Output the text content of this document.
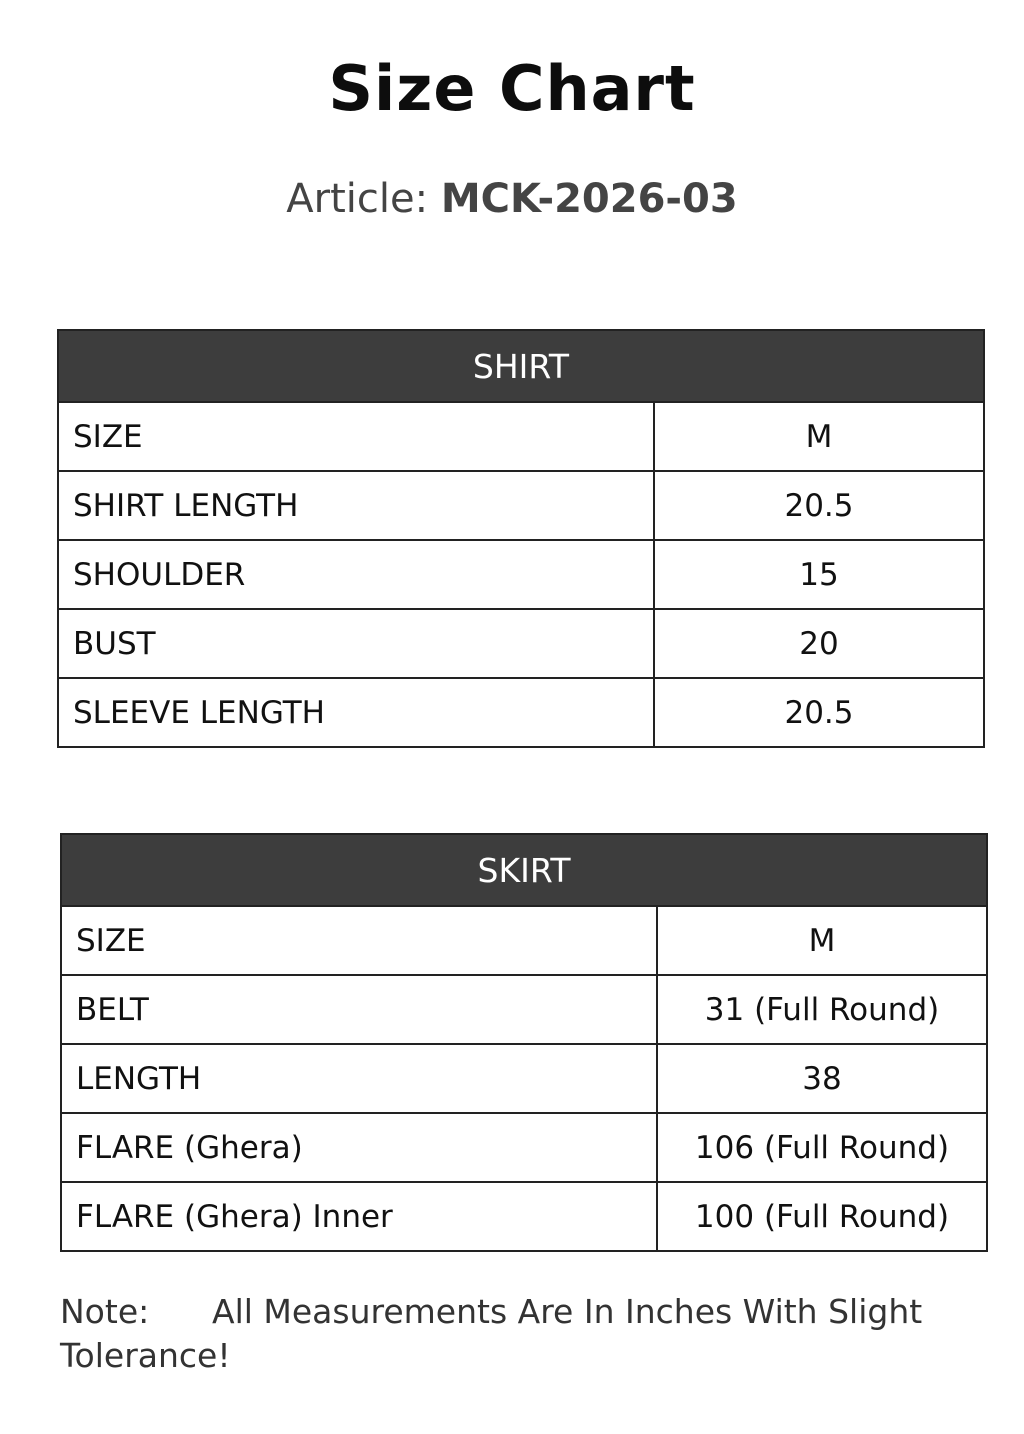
Size Chart
Article: MCK-2026-03
SHIRT	
SIZE	M
SHIRT LENGTH	20.5
SHOULDER	15
BUST	20
SLEEVE LENGTH	20.5
SKIRT	
SIZE	M
BELT	31 (Full Round)
LENGTH	38
FLARE (Ghera)	106 (Full Round)
FLARE (Ghera) Inner	100 (Full Round)
Note: All Measurements Are In Inches With Slight Tolerance!
